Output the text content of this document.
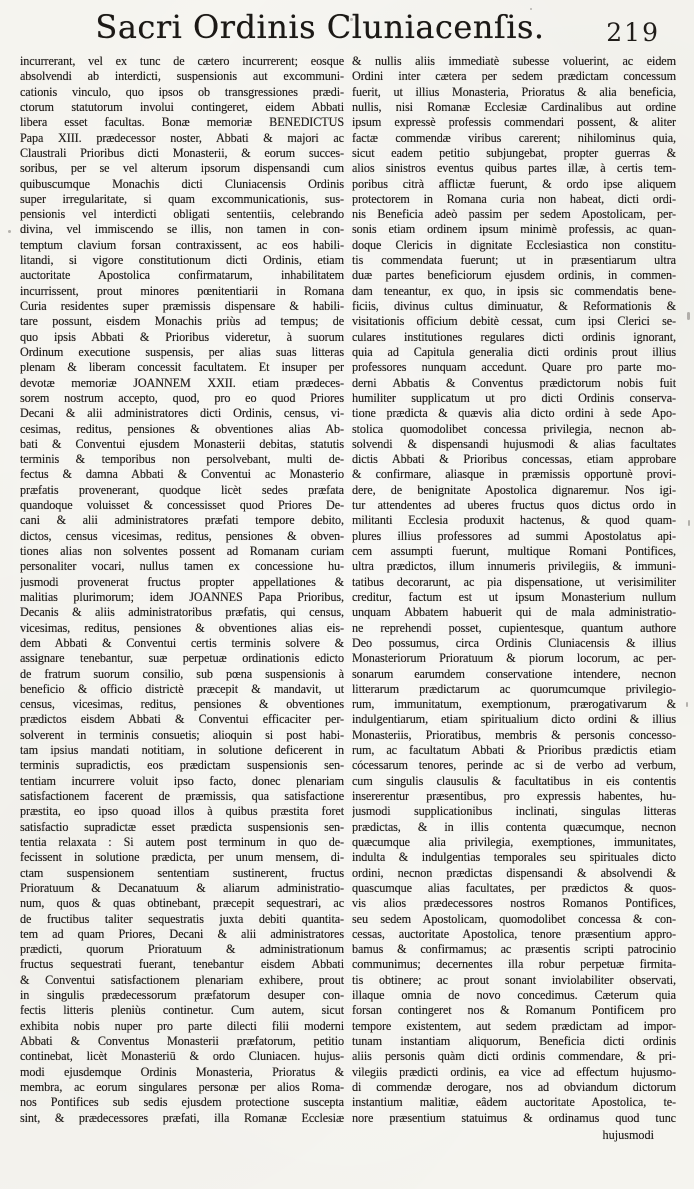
Sacri Ordinis Cluniacenſis.	219
incurrerant, vel ex tunc de cætero incurrerent; eosque
absolvendi ab interdicti, suspensionis aut excommuni-
cationis vinculo, quo ipsos ob transgressiones prædi-
ctorum statutorum involui contingeret, eidem Abbati
libera esset facultas. Bonæ memoriæ BENEDICTUS
Papa XIII. prædecessor noster, Abbati & majori ac
Claustrali Prioribus dicti Monasterii, & eorum succes-
soribus, per se vel alterum ipsorum dispensandi cum
quibuscumque Monachis dicti Cluniacensis Ordinis
super irregularitate, si quam excommunicationis, sus-
pensionis vel interdicti obligati sententiis, celebrando
divina, vel immiscendo se illis, non tamen in con-
temptum clavium forsan contraxissent, ac eos habili-
litandi, si vigore constitutionum dicti Ordinis, etiam
auctoritate Apostolica confirmatarum, inhabilitatem
incurrissent, prout minores pœnitentiarii in Romana
Curia residentes super præmissis dispensare & habili-
tare possunt, eisdem Monachis priùs ad tempus; de
quo ipsis Abbati & Prioribus videretur, à suorum
Ordinum executione suspensis, per alias suas litteras
plenam & liberam concessit facultatem. Et insuper per
devotæ memoriæ JOANNEM XXII. etiam prædeces-
sorem nostrum accepto, quod, pro eo quod Priores
Decani & alii administratores dicti Ordinis, census, vi-
cesimas, reditus, pensiones & obventiones alias Ab-
bati & Conventui ejusdem Monasterii debitas, statutis
terminis & temporibus non persolvebant, multi de-
fectus & damna Abbati & Conventui ac Monasterio
præfatis provenerant, quodque licèt sedes præfata
quandoque voluisset & concessisset quod Priores De-
cani & alii administratores præfati tempore debito,
dictos, census vicesimas, reditus, pensiones & obven-
tiones alias non solventes possent ad Romanam curiam
personaliter vocari, nullus tamen ex concessione hu-
jusmodi provenerat fructus propter appellationes &
malitias plurimorum; idem JOANNES Papa Prioribus,
Decanis & aliis administratoribus præfatis, qui census,
vicesimas, reditus, pensiones & obventiones alias eis-
dem Abbati & Conventui certis terminis solvere &
assignare tenebantur, suæ perpetuæ ordinationis edicto
de fratrum suorum consilio, sub pœna suspensionis à
beneficio & officio districtè præcepit & mandavit, ut
census, vicesimas, reditus, pensiones & obventiones
prædictos eisdem Abbati & Conventui efficaciter per-
solverent in terminis consuetis; alioquin si post habi-
tam ipsius mandati notitiam, in solutione deficerent in
terminis supradictis, eos prædictam suspensionis sen-
tentiam incurrere voluit ipso facto, donec plenariam
satisfactionem facerent de præmissis, qua satisfactione
præstita, eo ipso quoad illos à quibus præstita foret
satisfactio supradictæ esset prædicta suspensionis sen-
tentia relaxata : Si autem post terminum in quo de-
fecissent in solutione prædicta, per unum mensem, di-
ctam suspensionem sententiam sustinerent, fructus
Prioratuum & Decanatuum & aliarum administratio-
num, quos & quas obtinebant, præcepit sequestrari, ac
de fructibus taliter sequestratis juxta debiti quantita-
tem ad quam Priores, Decani & alii administratores
prædicti, quorum Prioratuum & administrationum
fructus sequestrati fuerant, tenebantur eisdem Abbati
& Conventui satisfactionem plenariam exhibere, prout
in singulis prædecessorum præfatorum desuper con-
fectis litteris pleniùs continetur. Cum autem, sicut
exhibita nobis nuper pro parte dilecti filii moderni
Abbati & Conventus Monasterii præfatorum, petitio
continebat, licèt Monasteriū & ordo Cluniacen. hujus-
modi ejusdemque Ordinis Monasteria, Prioratus &
membra, ac eorum singulares personæ per alios Roma-
nos Pontifices sub sedis ejusdem protectione suscepta
sint, & prædecessores præfati, illa Romanæ Ecclesiæ
& nullis aliis immediatè subesse voluerint, ac eidem
Ordini inter cætera per sedem prædictam concessum
fuerit, ut illius Monasteria, Prioratus & alia beneficia,
nullis, nisi Romanæ Ecclesiæ Cardinalibus aut ordine
ipsum expressè professis commendari possent, & aliter
factæ commendæ viribus carerent; nihilominus quia,
sicut eadem petitio subjungebat, propter guerras &
alios sinistros eventus quibus partes illæ, à certis tem-
poribus citrà afflictæ fuerunt, & ordo ipse aliquem
protectorem in Romana curia non habeat, dicti ordi-
nis Beneficia adeò passim per sedem Apostolicam, per-
sonis etiam ordinem ipsum minimè professis, ac quan-
doque Clericis in dignitate Ecclesiastica non constitu-
tis commendata fuerunt; ut in præsentiarum ultra
duæ partes beneficiorum ejusdem ordinis, in commen-
dam teneantur, ex quo, in ipsis sic commendatis bene-
ficiis, divinus cultus diminuatur, & Reformationis &
visitationis officium debitè cessat, cum ipsi Clerici se-
culares institutiones regulares dicti ordinis ignorant,
quia ad Capitula generalia dicti ordinis prout illius
professores nunquam accedunt. Quare pro parte mo-
derni Abbatis & Conventus prædictorum nobis fuit
humiliter supplicatum ut pro dicti Ordinis conserva-
tione prædicta & quævis alia dicto ordini à sede Apo-
stolica quomodolibet concessa privilegia, necnon ab-
solvendi & dispensandi hujusmodi & alias facultates
dictis Abbati & Prioribus concessas, etiam approbare
& confirmare, aliasque in præmissis opportunè provi-
dere, de benignitate Apostolica dignaremur. Nos igi-
tur attendentes ad uberes fructus quos dictus ordo in
militanti Ecclesia produxit hactenus, & quod quam-
plures illius professores ad summi Apostolatus api-
cem assumpti fuerunt, multique Romani Pontifices,
ultra prædictos, illum innumeris privilegiis, & immuni-
tatibus decorarunt, ac pia dispensatione, ut verisimiliter
creditur, factum est ut ipsum Monasterium nullum
unquam Abbatem habuerit qui de mala administratio-
ne reprehendi posset, cupientesque, quantum authore
Deo possumus, circa Ordinis Cluniacensis & illius
Monasteriorum Prioratuum & piorum locorum, ac per-
sonarum earumdem conservatione intendere, necnon
litterarum prædictarum ac quorumcumque privilegio-
rum, immunitatum, exemptionum, prærogativarum &
indulgentiarum, etiam spiritualium dicto ordini & illius
Monasteriis, Prioratibus, membris & personis concesso-
rum, ac facultatum Abbati & Prioribus prædictis etiam
cócessarum tenores, perinde ac si de verbo ad verbum,
cum singulis clausulis & facultatibus in eis contentis
insererentur præsentibus, pro expressis habentes, hu-
jusmodi supplicationibus inclinati, singulas litteras
prædictas, & in illis contenta quæcumque, necnon
quæcumque alia privilegia, exemptiones, immunitates,
indulta & indulgentias temporales seu spirituales dicto
ordini, necnon prædictas dispensandi & absolvendi &
quascumque alias facultates, per prædictos & quos-
vis alios prædecessores nostros Romanos Pontifices,
seu sedem Apostolicam, quomodolibet concessa & con-
cessas, auctoritate Apostolica, tenore præsentium appro-
bamus & confirmamus; ac præsentis scripti patrocinio
communimus; decernentes illa robur perpetuæ firmita-
tis obtinere; ac prout sonant inviolabiliter observati,
illaque omnia de novo concedimus. Cæterum quia
forsan contingeret nos & Romanum Pontificem pro
tempore existentem, aut sedem prædictam ad impor-
tunam instantiam aliquorum, Beneficia dicti ordinis
aliis personis quàm dicti ordinis commendare, & pri-
vilegiis prædicti ordinis, ea vice ad effectum hujusmo-
di commendæ derogare, nos ad obviandum dictorum
instantium malitiæ, eâdem auctoritate Apostolica, te-
nore præsentium statuimus & ordinamus quod tunc
hujusmodi
